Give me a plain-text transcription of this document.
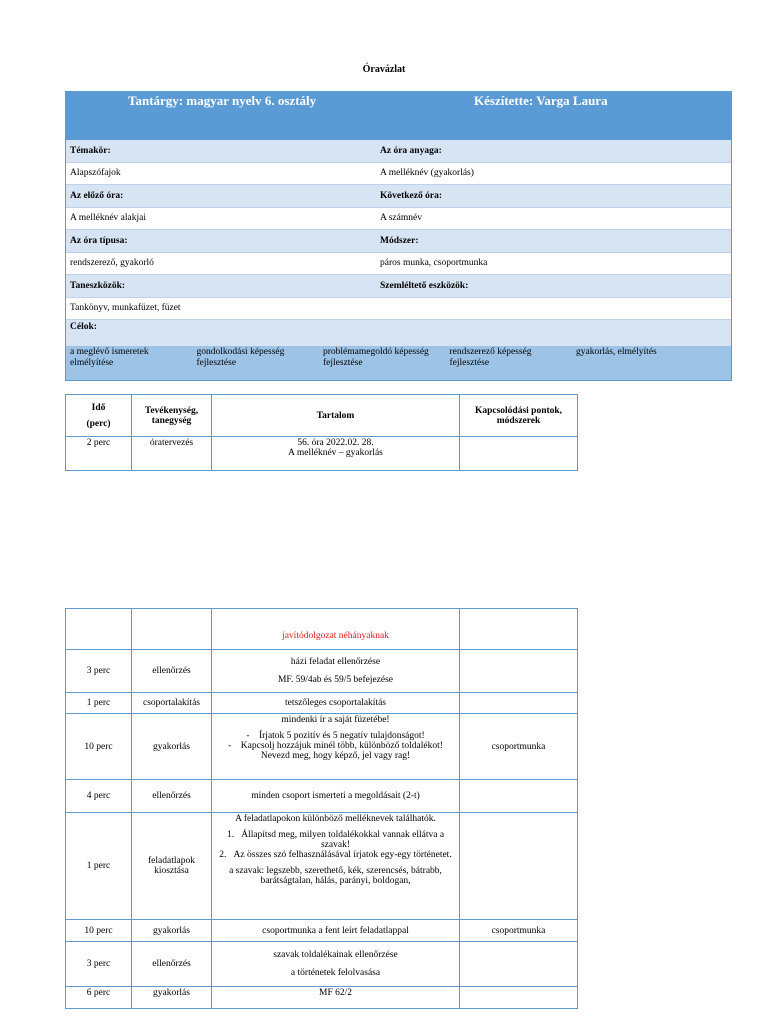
Óravázlat
Tantárgy: magyar nyelv 6. osztály	Készítette: Varga Laura
Témakör:	Az óra anyaga:
Alapszófajok	A melléknév (gyakorlás)
Az előző óra:	Következő óra:
A melléknév alakjai	A számnév
Az óra típusa:	Módszer:
rendszerező, gyakorló	páros munka, csoportmunka
Taneszközök:	Szemléltető eszközök:
Tankönyv, munkafüzet, füzet
Célok:
a meglévő ismeretek elmélyítése
gondolkodási képesség fejlesztése
problémamegoldó képesség fejlesztése
rendszerező képesség fejlesztése
gyakorlás, elmélyítés
Idő
(perc)	Tevékenység, tanegység	Tartalom	Kapcsolódási pontok, módszerek
2 perc	óratervezés	56. óra 2022.02. 28.
A melléknév – gyakorlás	

		javítódolgozat néhányaknak	
3 perc	ellenőrzés	házi feladat ellenőrzése
MF. 59/4ab és 59/5 befejezése	

1 perc	csoportalakítás	tetszőleges csoportalakítás	
10 perc	gyakorlás	mindenki ír a saját füzetébe!
-    Írjatok 5 pozitív és 5 negatív tulajdonságot!
-    Kapcsolj hozzájuk minél több, különböző toldalékot! Nevezd meg, hogy képző, jel vagy rag!	csoportmunka
4 perc	ellenőrzés	minden csoport ismerteti a megoldásait (2-t)	
1 perc	feladatlapok kiosztása	A feladatlapokon különböző melléknevek találhatók.
1.   Állapítsd meg, milyen toldalékokkal vannak ellátva a szavak!
2.   Az összes szó felhasználásával írjatok egy-egy történetet.
a szavak: legszebb, szerethető, kék, szerencsés, bátrabb, barátságtalan, hálás, parányi, boldogan,	

10 perc	gyakorlás	csoportmunka a fent leírt feladatlappal	csoportmunka
3 perc	ellenőrzés	szavak toldalékainak ellenőrzése
a történetek felolvasása	

6 perc	gyakorlás	MF 62/2	
